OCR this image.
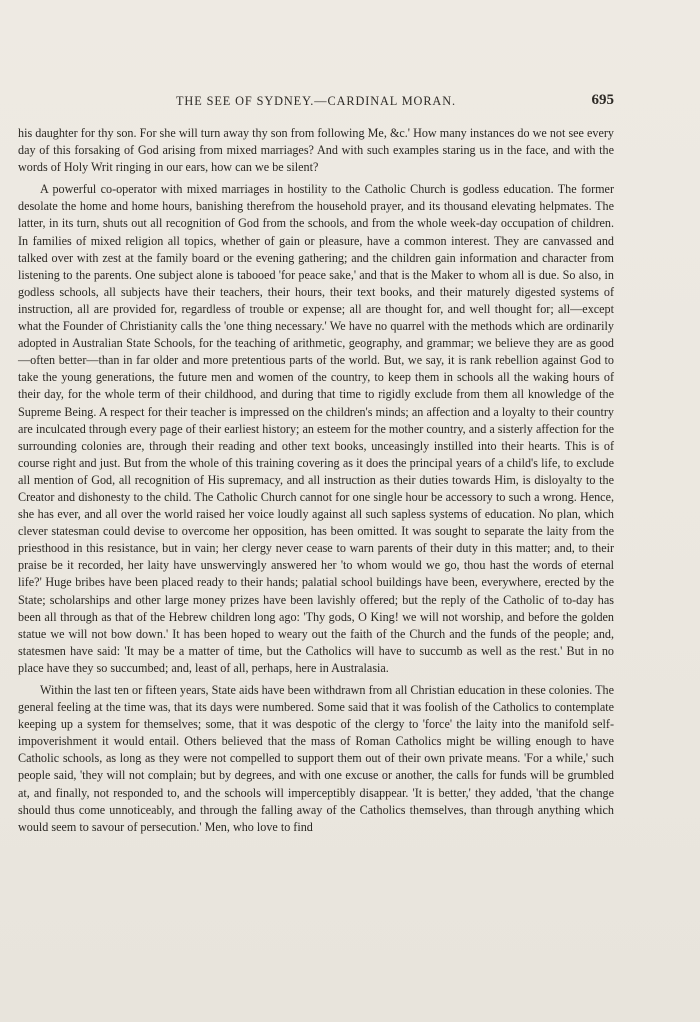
THE SEE OF SYDNEY.—CARDINAL MORAN.	695

his daughter for thy son. For she will turn away thy son from following Me, &c.' How many instances do we not see every day of this forsaking of God arising from mixed marriages? And with such examples staring us in the face, and with the words of Holy Writ ringing in our ears, how can we be silent?

A powerful co-operator with mixed marriages in hostility to the Catholic Church is godless education. The former desolate the home and home hours, banishing therefrom the household prayer, and its thousand elevating helpmates. The latter, in its turn, shuts out all recognition of God from the schools, and from the whole week-day occupation of children. In families of mixed religion all topics, whether of gain or pleasure, have a common interest. They are canvassed and talked over with zest at the family board or the evening gathering; and the children gain information and character from listening to the parents. One subject alone is tabooed 'for peace sake,' and that is the Maker to whom all is due. So also, in godless schools, all subjects have their teachers, their hours, their text books, and their maturely digested systems of instruction, all are provided for, regardless of trouble or expense; all are thought for, and well thought for; all—except what the Founder of Christianity calls the 'one thing necessary.' We have no quarrel with the methods which are ordinarily adopted in Australian State Schools, for the teaching of arithmetic, geography, and grammar; we believe they are as good—often better—than in far older and more pretentious parts of the world. But, we say, it is rank rebellion against God to take the young generations, the future men and women of the country, to keep them in schools all the waking hours of their day, for the whole term of their childhood, and during that time to rigidly exclude from them all knowledge of the Supreme Being. A respect for their teacher is impressed on the children's minds; an affection and a loyalty to their country are inculcated through every page of their earliest history; an esteem for the mother country, and a sisterly affection for the surrounding colonies are, through their reading and other text books, unceasingly instilled into their hearts. This is of course right and just. But from the whole of this training covering as it does the principal years of a child's life, to exclude all mention of God, all recognition of His supremacy, and all instruction as their duties towards Him, is disloyalty to the Creator and dishonesty to the child. The Catholic Church cannot for one single hour be accessory to such a wrong. Hence, she has ever, and all over the world raised her voice loudly against all such sapless systems of education. No plan, which clever statesman could devise to overcome her opposition, has been omitted. It was sought to separate the laity from the priesthood in this resistance, but in vain; her clergy never cease to warn parents of their duty in this matter; and, to their praise be it recorded, her laity have unswervingly answered her 'to whom would we go, thou hast the words of eternal life?' Huge bribes have been placed ready to their hands; palatial school buildings have been, everywhere, erected by the State; scholarships and other large money prizes have been lavishly offered; but the reply of the Catholic of to-day has been all through as that of the Hebrew children long ago: 'Thy gods, O King! we will not worship, and before the golden statue we will not bow down.' It has been hoped to weary out the faith of the Church and the funds of the people; and, statesmen have said: 'It may be a matter of time, but the Catholics will have to succumb as well as the rest.' But in no place have they so succumbed; and, least of all, perhaps, here in Australasia.

Within the last ten or fifteen years, State aids have been withdrawn from all Christian education in these colonies. The general feeling at the time was, that its days were numbered. Some said that it was foolish of the Catholics to contemplate keeping up a system for themselves; some, that it was despotic of the clergy to 'force' the laity into the manifold self-impoverishment it would entail. Others believed that the mass of Roman Catholics might be willing enough to have Catholic schools, as long as they were not compelled to support them out of their own private means. 'For a while,' such people said, 'they will not complain; but by degrees, and with one excuse or another, the calls for funds will be grumbled at, and finally, not responded to, and the schools will imperceptibly disappear. 'It is better,' they added, 'that the change should thus come unnoticeably, and through the falling away of the Catholics themselves, than through anything which would seem to savour of persecution.' Men, who love to find
